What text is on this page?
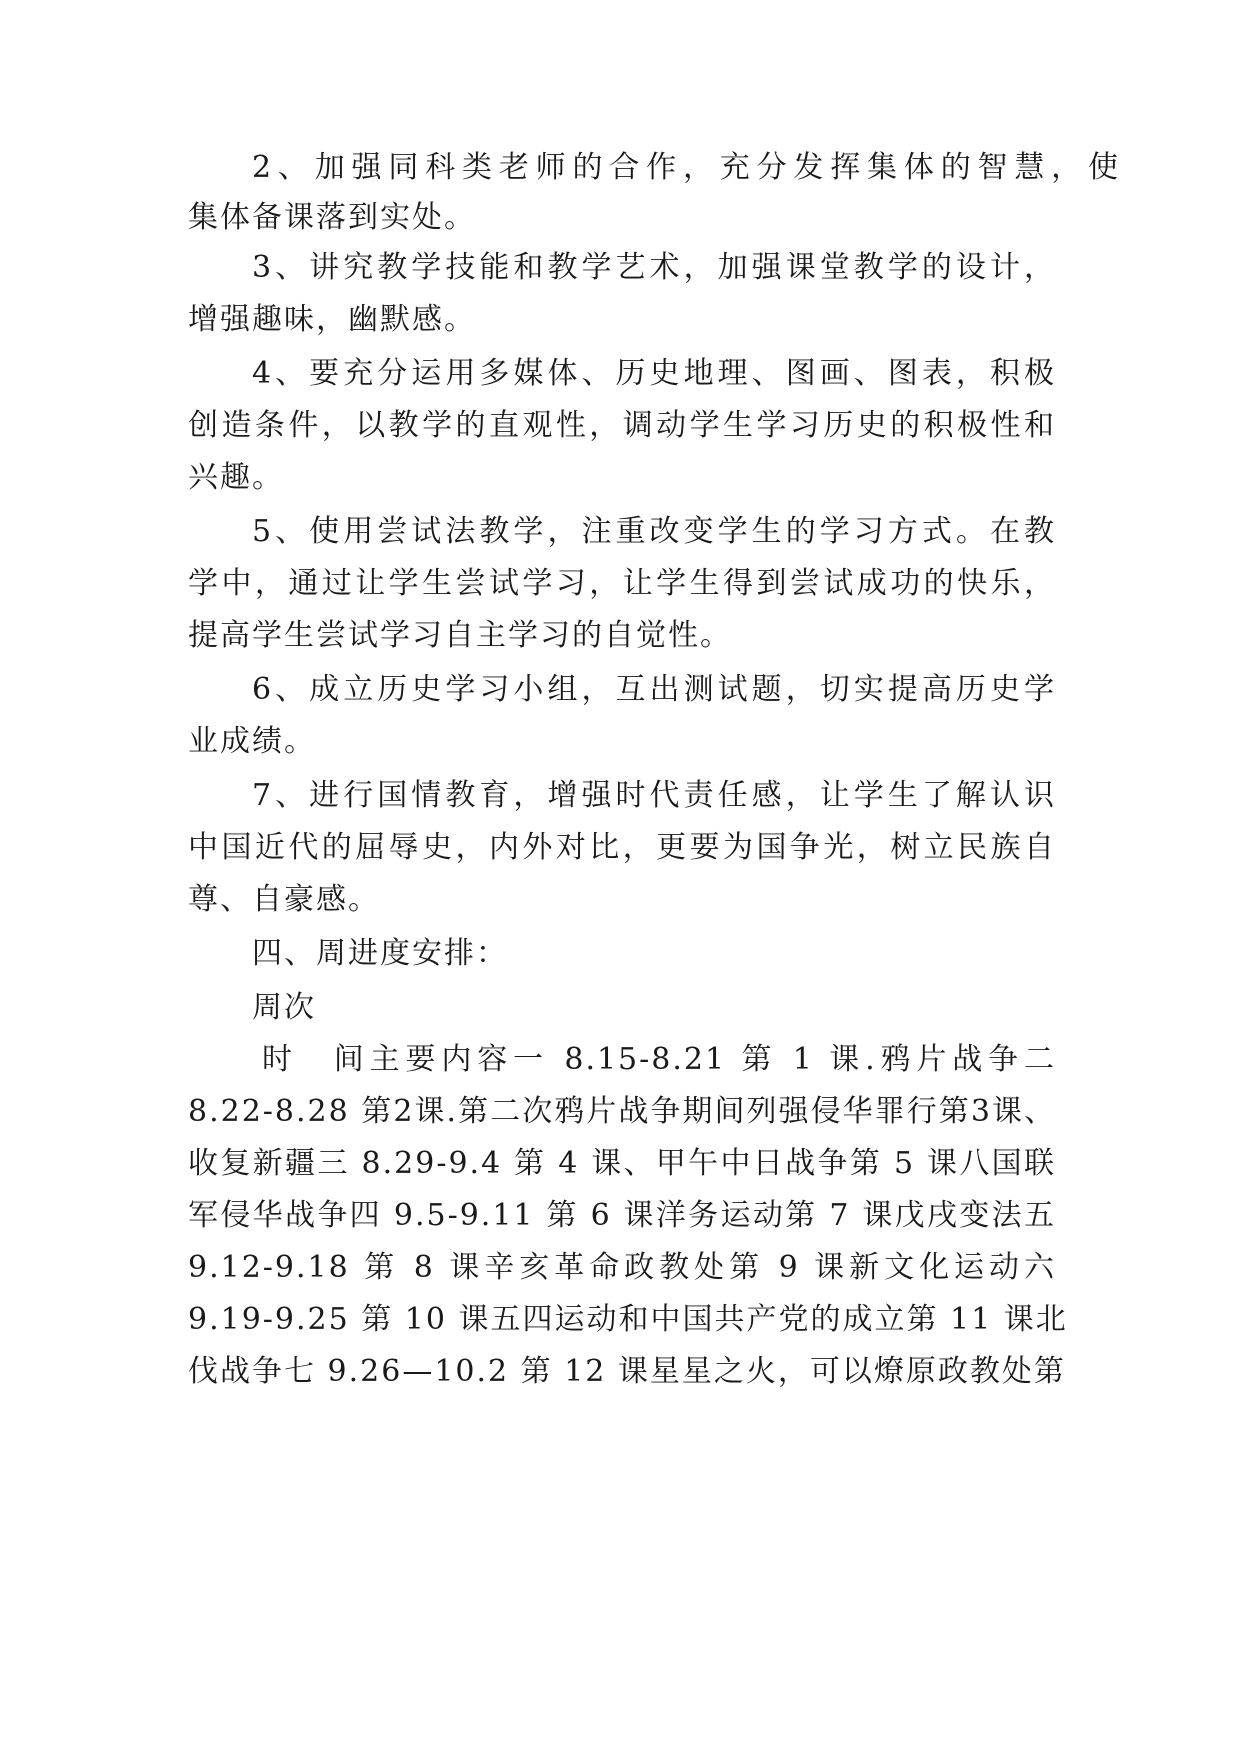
2、加强同科类老师的合作，充分发挥集体的智慧，使
集体备课落到实处。
3、讲究教学技能和教学艺术，加强课堂教学的设计，
增强趣味，幽默感。
4、要充分运用多媒体、历史地理、图画、图表，积极
创造条件，以教学的直观性，调动学生学习历史的积极性和
兴趣。
5、使用尝试法教学，注重改变学生的学习方式。在教
学中，通过让学生尝试学习，让学生得到尝试成功的快乐，
提高学生尝试学习自主学习的自觉性。
6、成立历史学习小组，互出测试题，切实提高历史学
业成绩。
7、进行国情教育，增强时代责任感，让学生了解认识
中国近代的屈辱史，内外对比，更要为国争光，树立民族自
尊、自豪感。
四、周进度安排：
周次
时　间主要内容一 8.15-8.21 第 1 课.鸦片战争二
8.22-8.28 第2课.第二次鸦片战争期间列强侵华罪行第3课、
收复新疆三 8.29-9.4 第 4 课、甲午中日战争第 5 课八国联
军侵华战争四 9.5-9.11 第 6 课洋务运动第 7 课戊戌变法五
9.12-9.18 第 8 课辛亥革命政教处第 9 课新文化运动六
9.19-9.25 第 10 课五四运动和中国共产党的成立第 11 课北
伐战争七 9.26—10.2 第 12 课星星之火，可以燎原政教处第
